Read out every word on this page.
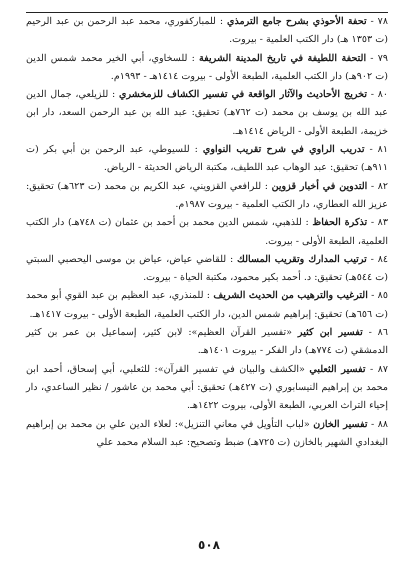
٧٨ - تحفة الأحوذي بشرح جامع الترمذي : للمباركفوري، محمد عبد الرحمن بن عبد الرحيم (ت ١٣٥٣ هـ) دار الكتب العلمية - بيروت.

٧٩ - التحفة اللطيفة في تاريخ المدينة الشريفة : للسخاوي، أبي الخير محمد شمس الدين (ت ٩٠٢هـ) دار الكتب العلمية، الطبعة الأولى - بيروت ١٤١٤هـ - ١٩٩٣م.

٨٠ - تخريج الأحاديث والآثار الواقعة في تفسير الكشاف للزمخشري : للزيلعي، جمال الدين عبد الله بن يوسف بن محمد (ت ٧٦٢هـ) تحقيق: عبد الله بن عبد الرحمن السعد، دار ابن خزيمة، الطبعة الأولى - الرياض ١٤١٤هـ.

٨١ - تدريب الراوي في شرح تقريب النواوي : للسيوطي، عبد الرحمن بن أبي بكر (ت ٩١١هـ) تحقيق: عبد الوهاب عبد اللطيف، مكتبة الرياض الحديثة - الرياض.

٨٢ - التدوين في أخبار قزوين : للرافعي القزويني، عبد الكريم بن محمد (ت ٦٢٣هـ) تحقيق: عزيز الله العطاري، دار الكتب العلمية - بيروت ١٩٨٧م.

٨٣ - تذكرة الحفاظ : للذهبي، شمس الدين محمد بن أحمد بن عثمان (ت ٧٤٨هـ) دار الكتب العلمية، الطبعة الأولى - بيروت.

٨٤ - ترتيب المدارك وتقريب المسالك : للقاضي عياض، عياض بن موسى اليحصبي السبتي (ت ٥٤٤هـ) تحقيق: د. أحمد بكير محمود، مكتبة الحياة - بيروت.

٨٥ - الترغيب والترهيب من الحديث الشريف : للمنذري، عبد العظيم بن عبد القوي أبو محمد (ت ٦٥٦هـ) تحقيق: إبراهيم شمس الدين، دار الكتب العلمية، الطبعة الأولى - بيروت ١٤١٧هـ.

٨٦ - تفسير ابن كثير «تفسير القرآن العظيم»: لابن كثير، إسماعيل بن عمر بن كثير الدمشقي (ت ٧٧٤هـ) دار الفكر - بيروت ١٤٠١هـ.

٨٧ - تفسير الثعلبي «الكشف والبيان في تفسير القرآن»: للثعلبي، أبي إسحاق، أحمد ابن محمد بن إبراهيم النيسابوري (ت ٤٢٧هـ) تحقيق: أبي محمد بن عاشور / نظير الساعدي، دار إحياء التراث العربي، الطبعة الأولى، بيروت ١٤٢٢هـ.

٨٨ - تفسير الخازن «لباب التأويل في معاني التنزيل»: لعلاء الدين علي بن محمد بن إبراهيم البغدادي الشهير بالخازن (ت ٧٢٥هـ) ضبط وتصحيح: عبد السلام محمد علي

٥٠٨
